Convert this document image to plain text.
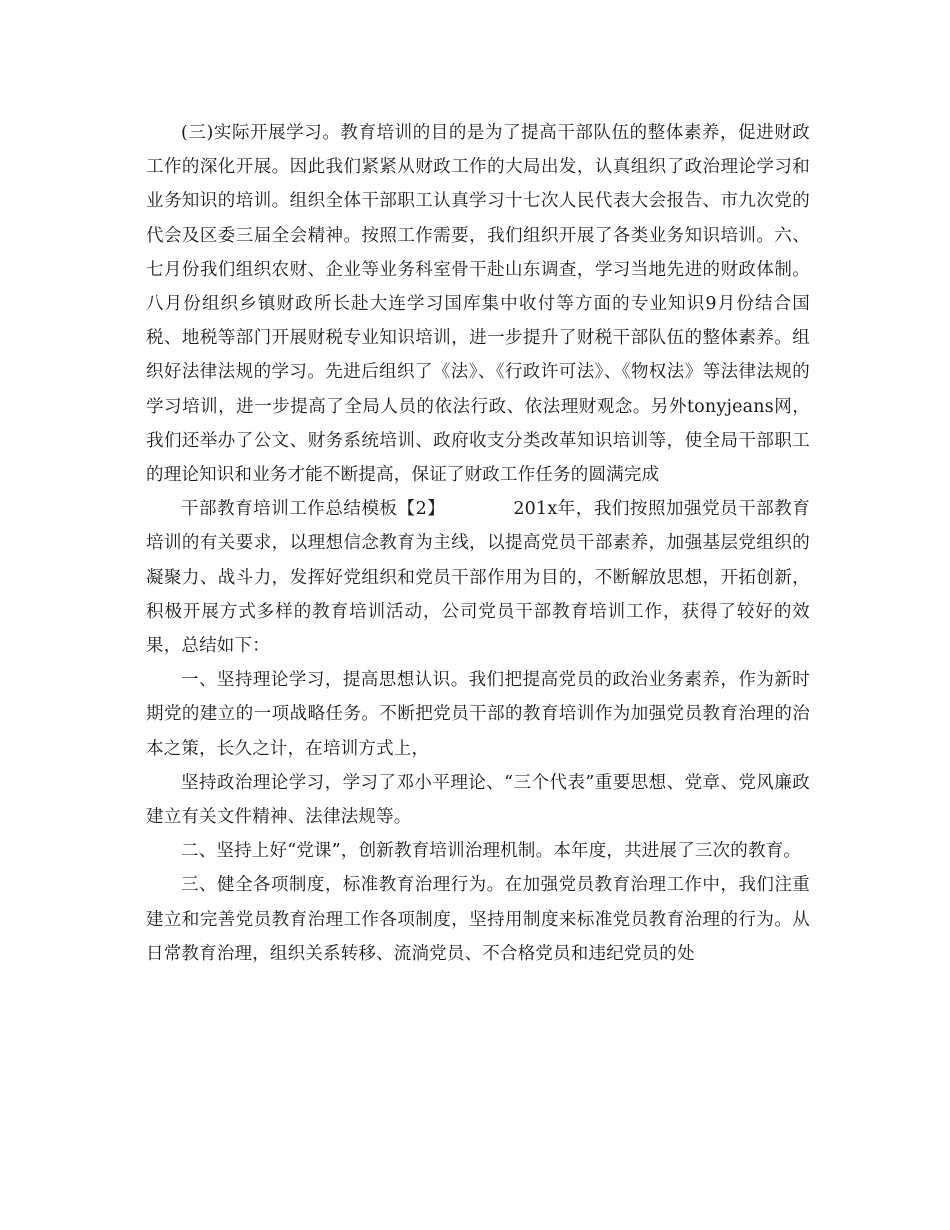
(三)实际开展学习。教育培训的目的是为了提高干部队伍的整体素养，促进财政工作的深化开展。因此我们紧紧从财政工作的大局出发，认真组织了政治理论学习和业务知识的培训。组织全体干部职工认真学习十七次人民代表大会报告、市九次党的代会及区委三届全会精神。按照工作需要，我们组织开展了各类业务知识培训。六、七月份我们组织农财、企业等业务科室骨干赴山东调查，学习当地先进的财政体制。八月份组织乡镇财政所长赴大连学习国库集中收付等方面的专业知识9月份结合国税、地税等部门开展财税专业知识培训，进一步提升了财税干部队伍的整体素养。组织好法律法规的学习。先进后组织了《法》、《行政许可法》、《物权法》等法律法规的学习培训，进一步提高了全局人员的依法行政、依法理财观念。另外tonyjeans网，我们还举办了公文、财务系统培训、政府收支分类改革知识培训等，使全局干部职工的理论知识和业务才能不断提高，保证了财政工作任务的圆满完成

干部教育培训工作总结模板【2】	201x年，我们按照加强党员干部教育培训的有关要求，以理想信念教育为主线，以提高党员干部素养，加强基层党组织的凝聚力、战斗力，发挥好党组织和党员干部作用为目的，不断解放思想，开拓创新，积极开展方式多样的教育培训活动，公司党员干部教育培训工作，获得了较好的效果，总结如下：

一、坚持理论学习，提高思想认识。我们把提高党员的政治业务素养，作为新时期党的建立的一项战略任务。不断把党员干部的教育培训作为加强党员教育治理的治本之策，长久之计，在培训方式上，

坚持政治理论学习，学习了邓小平理论、“三个代表”重要思想、党章、党风廉政建立有关文件精神、法律法规等。

二、坚持上好“党课”，创新教育培训治理机制。本年度，共进展了三次的教育。

三、健全各项制度，标准教育治理行为。在加强党员教育治理工作中，我们注重建立和完善党员教育治理工作各项制度，坚持用制度来标准党员教育治理的行为。从日常教育治理，组织关系转移、流淌党员、不合格党员和违纪党员的处
